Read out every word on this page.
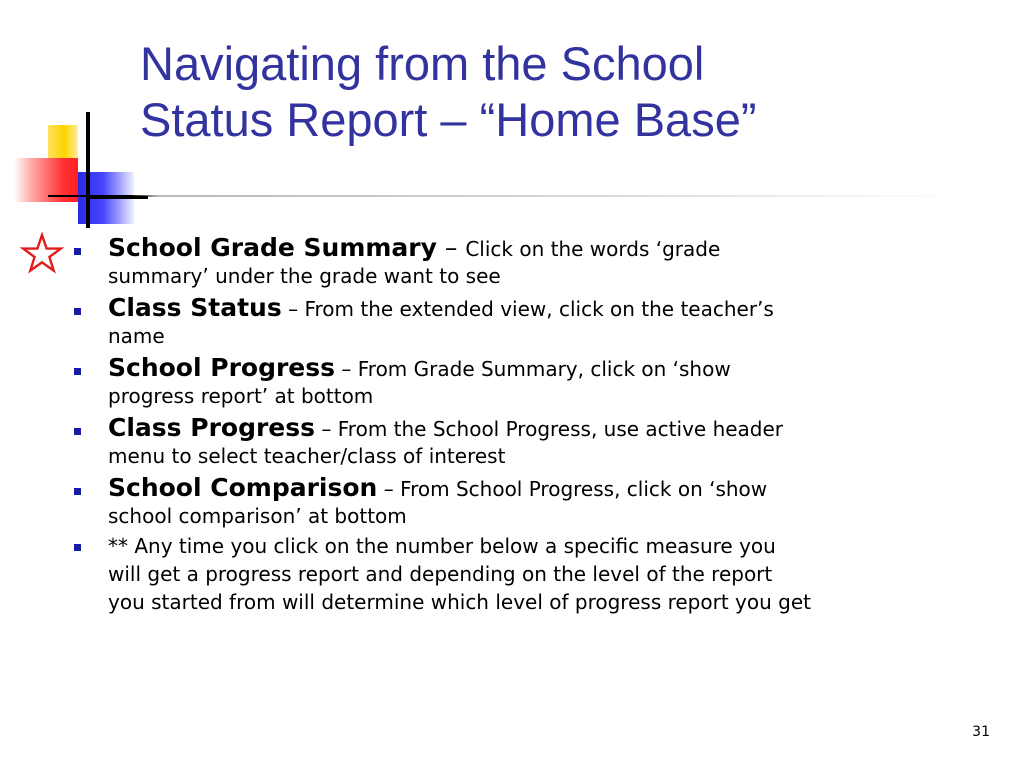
Navigating from the School
Status Report – “Home Base”
School Grade Summary – Click on the words ‘grade
summary’ under the grade want to see
Class Status – From the extended view, click on the teacher’s
name
School Progress – From Grade Summary, click on ‘show
progress report’ at bottom
Class Progress – From the School Progress, use active header
menu to select teacher/class of interest
School Comparison – From School Progress, click on ‘show
school comparison’ at bottom
** Any time you click on the number below a specific measure you
will get a progress report and depending on the level of the report
you started from will determine which level of progress report you get
31
